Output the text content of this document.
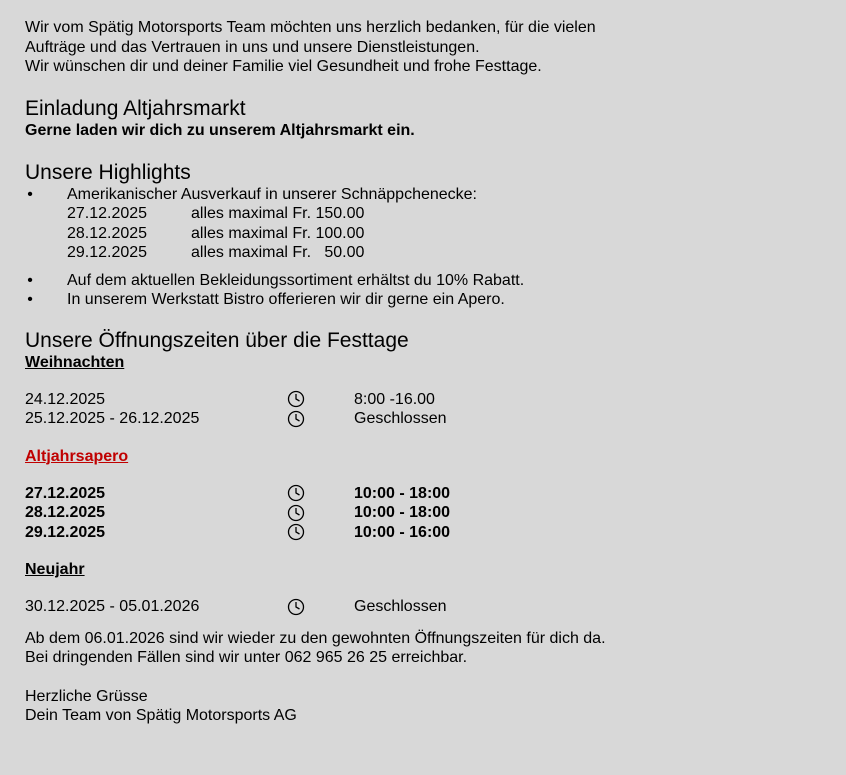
Wir vom Spätig Motorsports Team möchten uns herzlich bedanken, für die vielen

Aufträge und das Vertrauen in uns und unsere Dienstleistungen.

Wir wünschen dir und deiner Familie viel Gesundheit und frohe Festtage.

Einladung Altjahrsmarkt

Gerne laden wir dich zu unserem Altjahrsmarkt ein.

Unsere Highlights
• Amerikanischer Ausverkauf in unserer Schnäppchenecke:
27.12.2025	alles maximal Fr. 150.00
28.12.2025	alles maximal Fr. 100.00
29.12.2025	alles maximal Fr.   50.00
• Auf dem aktuellen Bekleidungssortiment erhältst du 10% Rabatt.
• In unserem Werkstatt Bistro offerieren wir dir gerne ein Apero.
Unsere Öffnungszeiten über die Festtage

Weihnachten

24.12.2025	8:00 -16.00
25.12.2025 - 26.12.2025	Geschlossen

Altjahrsapero

27.12.2025	10:00 - 18:00
28.12.2025	10:00 - 18:00
29.12.2025	10:00 - 16:00

Neujahr

30.12.2025 - 05.01.2026	Geschlossen

Ab dem 06.01.2026 sind wir wieder zu den gewohnten Öffnungszeiten für dich da.

Bei dringenden Fällen sind wir unter 062 965 26 25 erreichbar.

Herzliche Grüsse

Dein Team von Spätig Motorsports AG
